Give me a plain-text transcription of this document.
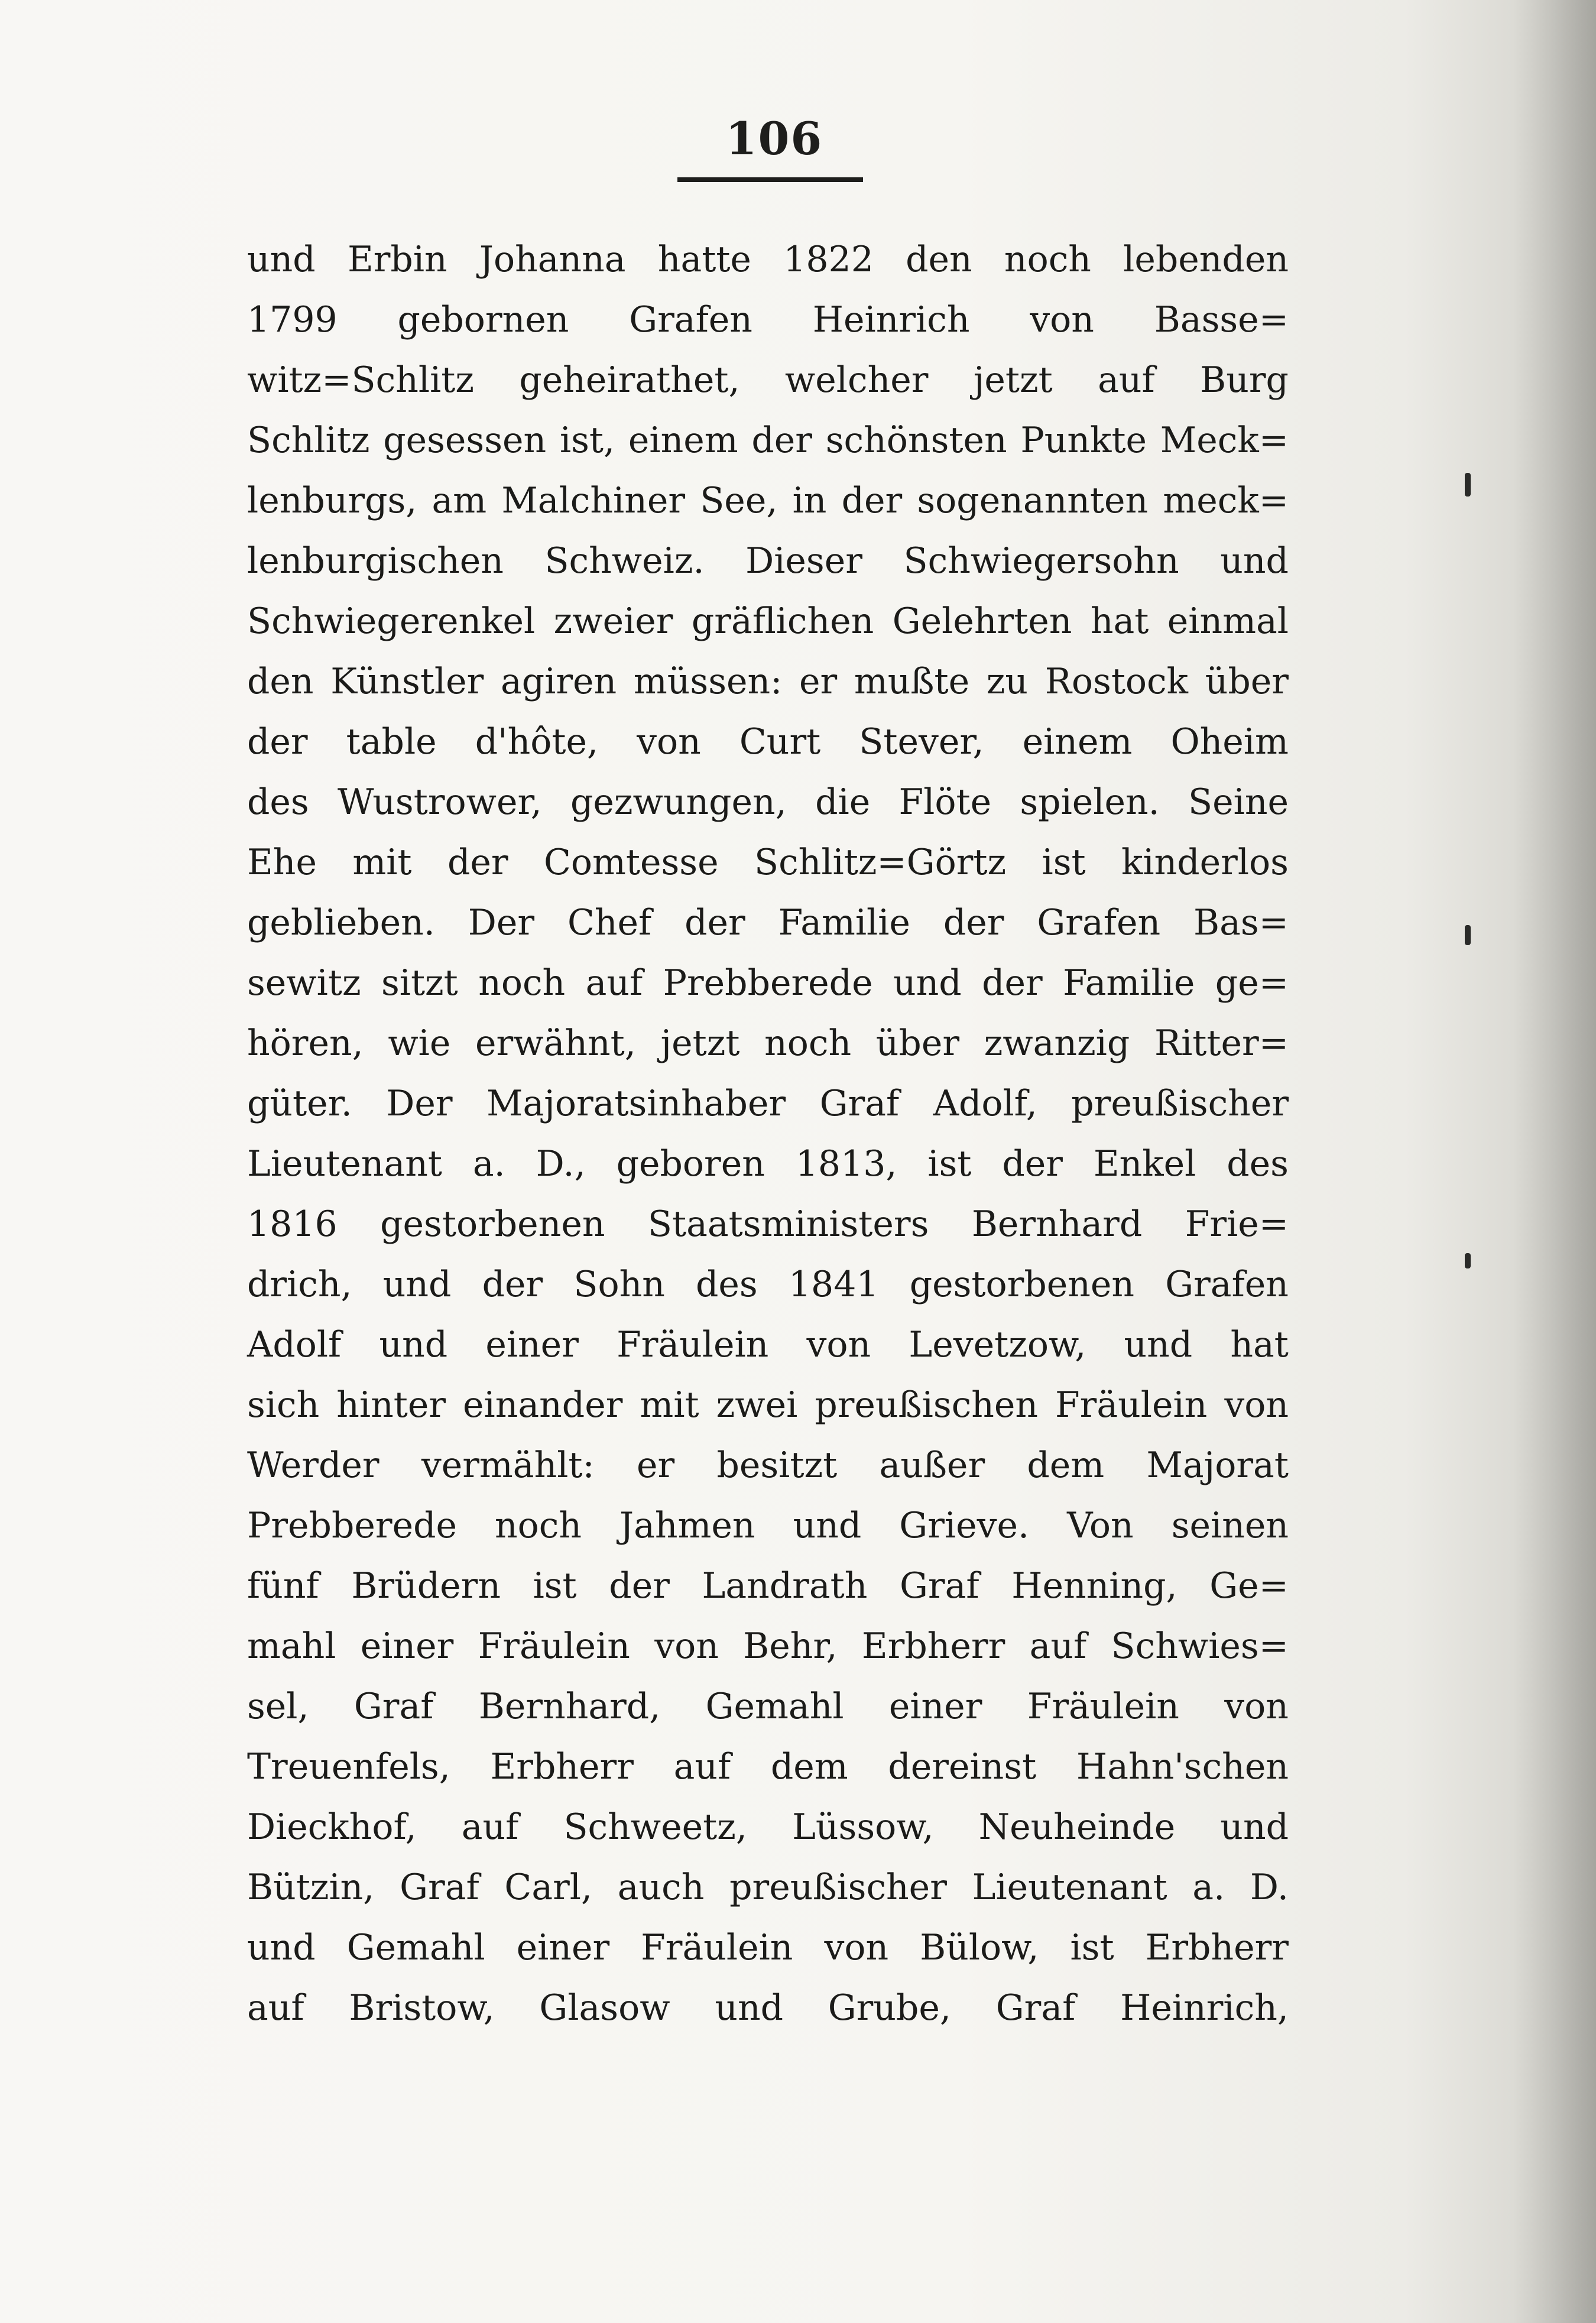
106
und Erbin Johanna hatte 1822 den noch lebenden
1799 gebornen Grafen Heinrich von Basse=
witz=Schlitz geheirathet, welcher jetzt auf Burg
Schlitz gesessen ist, einem der schönsten Punkte Meck=
lenburgs, am Malchiner See, in der sogenannten meck=
lenburgischen Schweiz. Dieser Schwiegersohn und
Schwiegerenkel zweier gräflichen Gelehrten hat einmal
den Künstler agiren müssen: er mußte zu Rostock über
der table d'hôte, von Curt Stever, einem Oheim
des Wustrower, gezwungen, die Flöte spielen. Seine
Ehe mit der Comtesse Schlitz=Görtz ist kinderlos
geblieben. Der Chef der Familie der Grafen Bas=
sewitz sitzt noch auf Prebberede und der Familie ge=
hören, wie erwähnt, jetzt noch über zwanzig Ritter=
güter. Der Majoratsinhaber Graf Adolf, preußischer
Lieutenant a. D., geboren 1813, ist der Enkel des
1816 gestorbenen Staatsministers Bernhard Frie=
drich, und der Sohn des 1841 gestorbenen Grafen
Adolf und einer Fräulein von Levetzow, und hat
sich hinter einander mit zwei preußischen Fräulein von
Werder vermählt: er besitzt außer dem Majorat
Prebberede noch Jahmen und Grieve. Von seinen
fünf Brüdern ist der Landrath Graf Henning, Ge=
mahl einer Fräulein von Behr, Erbherr auf Schwies=
sel, Graf Bernhard, Gemahl einer Fräulein von
Treuenfels, Erbherr auf dem dereinst Hahn'schen
Dieckhof, auf Schweetz, Lüssow, Neuheinde und
Bützin, Graf Carl, auch preußischer Lieutenant a. D.
und Gemahl einer Fräulein von Bülow, ist Erbherr
auf Bristow, Glasow und Grube, Graf Heinrich,
